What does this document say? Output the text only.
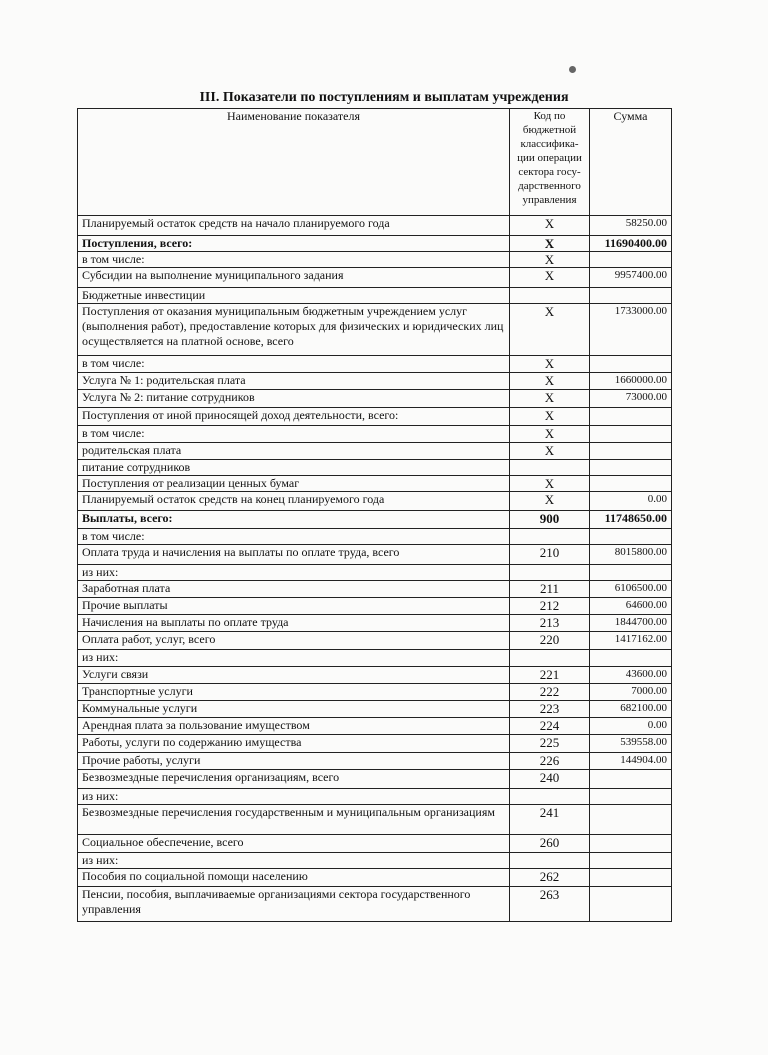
III. Показатели по поступлениям и выплатам учреждения
Наименование показателя	Код по бюджетной классифика-ции операции сектора госу-дарственного управления	Сумма
Планируемый остаток средств на начало планируемого года	X	58250.00
Поступления, всего:	X	11690400.00
в том числе:	X	
Субсидии на выполнение муниципального задания	X	9957400.00
Бюджетные инвестиции		
Поступления от оказания муниципальным бюджетным учреждением услуг (выполнения работ), предоставление которых для физических и юридических лиц осуществляется на платной основе, всего	X	1733000.00
в том числе:	X	
Услуга № 1: родительская плата	X	1660000.00
Услуга № 2: питание сотрудников	X	73000.00
Поступления от иной приносящей доход деятельности, всего:	X	
в том числе:	X	
родительская плата	X	
питание сотрудников		
Поступления от реализации ценных бумаг	X	
Планируемый остаток средств на конец планируемого года	X	0.00
Выплаты, всего:	900	11748650.00
в том числе:		
Оплата труда и начисления на выплаты по оплате труда, всего	210	8015800.00
из них:		
Заработная плата	211	6106500.00
Прочие выплаты	212	64600.00
Начисления на выплаты по оплате труда	213	1844700.00
Оплата работ, услуг, всего	220	1417162.00
из них:		
Услуги связи	221	43600.00
Транспортные услуги	222	7000.00
Коммунальные услуги	223	682100.00
Арендная плата за пользование имуществом	224	0.00
Работы, услуги по содержанию имущества	225	539558.00
Прочие работы, услуги	226	144904.00
Безвозмездные перечисления организациям, всего	240	
из них:		
Безвозмездные перечисления государственным и муниципальным организациям	241	
Социальное обеспечение, всего	260	
из них:		
Пособия по социальной помощи населению	262	
Пенсии, пособия, выплачиваемые организациями сектора государственного управления	263	
